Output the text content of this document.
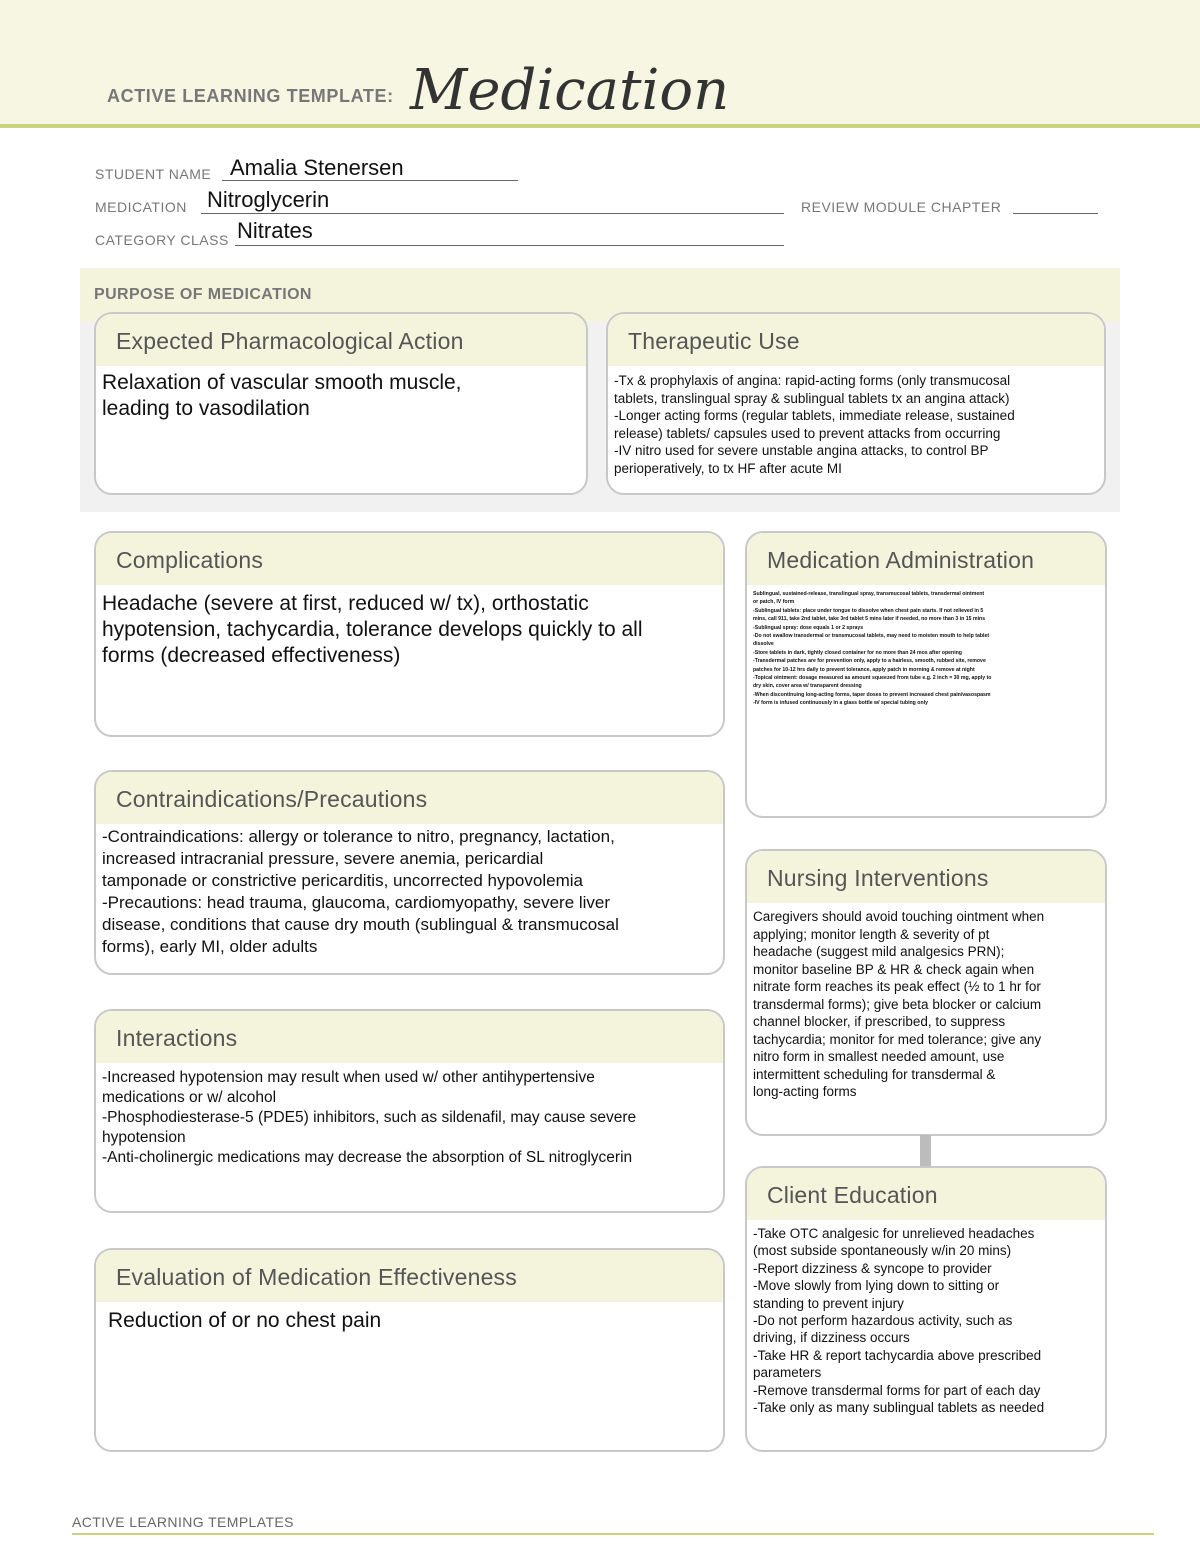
ACTIVE LEARNING TEMPLATE: Medication
STUDENT NAME Amalia Stenersen
MEDICATION Nitroglycerin	REVIEW MODULE CHAPTER
CATEGORY CLASS Nitrates
PURPOSE OF MEDICATION
Expected Pharmacological Action
Relaxation of vascular smooth muscle,
leading to vasodilation
Therapeutic Use
-Tx & prophylaxis of angina: rapid-acting forms (only transmucosal
tablets, translingual spray & sublingual tablets tx an angina attack)
-Longer acting forms (regular tablets, immediate release, sustained
release) tablets/ capsules used to prevent attacks from occurring
-IV nitro used for severe unstable angina attacks, to control BP
perioperatively, to tx HF after acute MI
Complications
Headache (severe at first, reduced w/ tx), orthostatic
hypotension, tachycardia, tolerance develops quickly to all
forms (decreased effectiveness)
Medication Administration
Sublingual, sustained-release, translingual spray, transmucosal tablets, transdermal ointment
or patch, IV form
-Sublingual tablets: place under tongue to dissolve when chest pain starts. If not relieved in 5
mins, call 911, take 2nd tablet, take 3rd tablet 5 mins later if needed, no more than 3 in 15 mins
-Sublingual spray: dose equals 1 or 2 sprays
-Do not swallow transdermal or transmucosal tablets, may need to moisten mouth to help tablet
dissolve
-Store tablets in dark, tightly closed container for no more than 24 mos after opening
-Transdermal patches are for prevention only, apply to a hairless, smooth, rubbed site, remove
patches for 10-12 hrs daily to prevent tolerance, apply patch in morning & remove at night
-Topical ointment: dosage measured as amount squeezed from tube e.g. 2 inch = 30 mg, apply to
dry skin, cover area w/ transparent dressing
-When discontinuing long-acting forms, taper doses to prevent increased chest pain/vasospasm
-IV form is infused continuously in a glass bottle w/ special tubing only
Contraindications/Precautions
-Contraindications: allergy or tolerance to nitro, pregnancy, lactation,
increased intracranial pressure, severe anemia, pericardial
tamponade or constrictive pericarditis, uncorrected hypovolemia
-Precautions: head trauma, glaucoma, cardiomyopathy, severe liver
disease, conditions that cause dry mouth (sublingual & transmucosal
forms), early MI, older adults
Nursing Interventions
Caregivers should avoid touching ointment when
applying; monitor length & severity of pt
headache (suggest mild analgesics PRN);
monitor baseline BP & HR & check again when
nitrate form reaches its peak effect (½ to 1 hr for
transdermal forms); give beta blocker or calcium
channel blocker, if prescribed, to suppress
tachycardia; monitor for med tolerance; give any
nitro form in smallest needed amount, use
intermittent scheduling for transdermal &
long-acting forms
Interactions
-Increased hypotension may result when used w/ other antihypertensive
medications or w/ alcohol
-Phosphodiesterase-5 (PDE5) inhibitors, such as sildenafil, may cause severe
hypotension
-Anti-cholinergic medications may decrease the absorption of SL nitroglycerin
Client Education
-Take OTC analgesic for unrelieved headaches
(most subside spontaneously w/in 20 mins)
-Report dizziness & syncope to provider
-Move slowly from lying down to sitting or
standing to prevent injury
-Do not perform hazardous activity, such as
driving, if dizziness occurs
-Take HR & report tachycardia above prescribed
parameters
-Remove transdermal forms for part of each day
-Take only as many sublingual tablets as needed
Evaluation of Medication Effectiveness
Reduction of or no chest pain
ACTIVE LEARNING TEMPLATES
